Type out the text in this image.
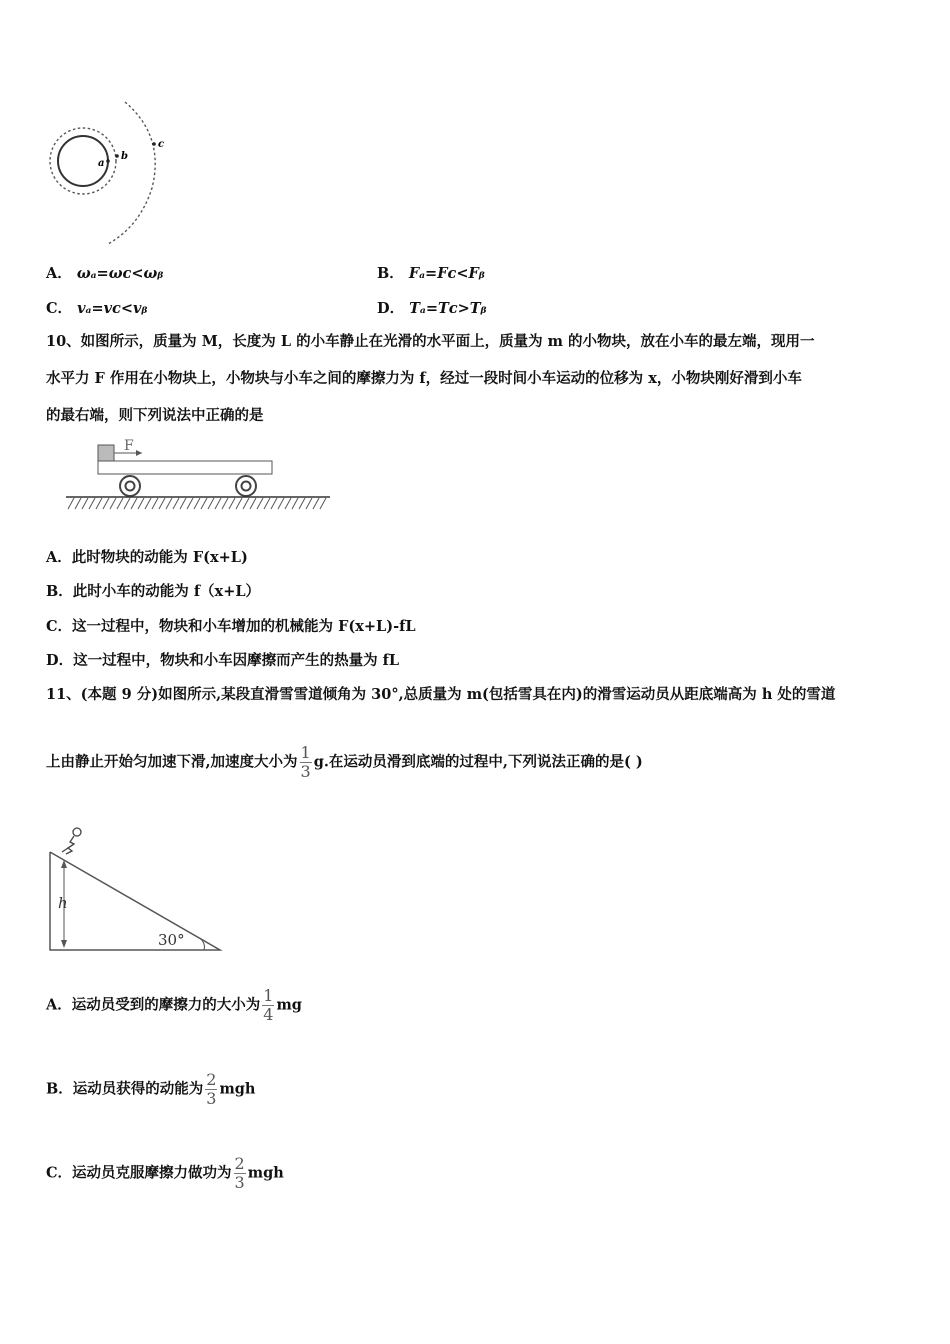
a
b
c
A． ωₐ=ωᴄ<ωᵦ	B． Fₐ=Fᴄ<Fᵦ
C． vₐ=vᴄ<vᵦ	D． Tₐ=Tᴄ>Tᵦ
10、如图所示，质量为 M，长度为 L 的小车静止在光滑的水平面上，质量为 m 的小物块，放在小车的最左端，现用一
水平力 F 作用在小物块上，小物块与小车之间的摩擦力为 f，经过一段时间小车运动的位移为 x，小物块刚好滑到小车
的最右端，则下列说法中正确的是
F
A．此时物块的动能为 F(x+L)
B．此时小车的动能为 f（x+L）
C．这一过程中，物块和小车增加的机械能为 F(x+L)-fL
D．这一过程中，物块和小车因摩擦而产生的热量为 fL
11、(本题 9 分)如图所示,某段直滑雪雪道倾角为 30°,总质量为 m(包括雪具在内)的滑雪运动员从距底端高为 h 处的雪道
上由静止开始匀加速下滑,加速度大小为 $\frac{1}{3} g$.在运动员滑到底端的过程中,下列说法正确的是( )
h
30°
A．运动员受到的摩擦力的大小为 $\frac{1}{4}$ mg
B．运动员获得的动能为 $\frac{2}{3}$ mgh
C．运动员克服摩擦力做功为 $\frac{2}{3}$ mgh
